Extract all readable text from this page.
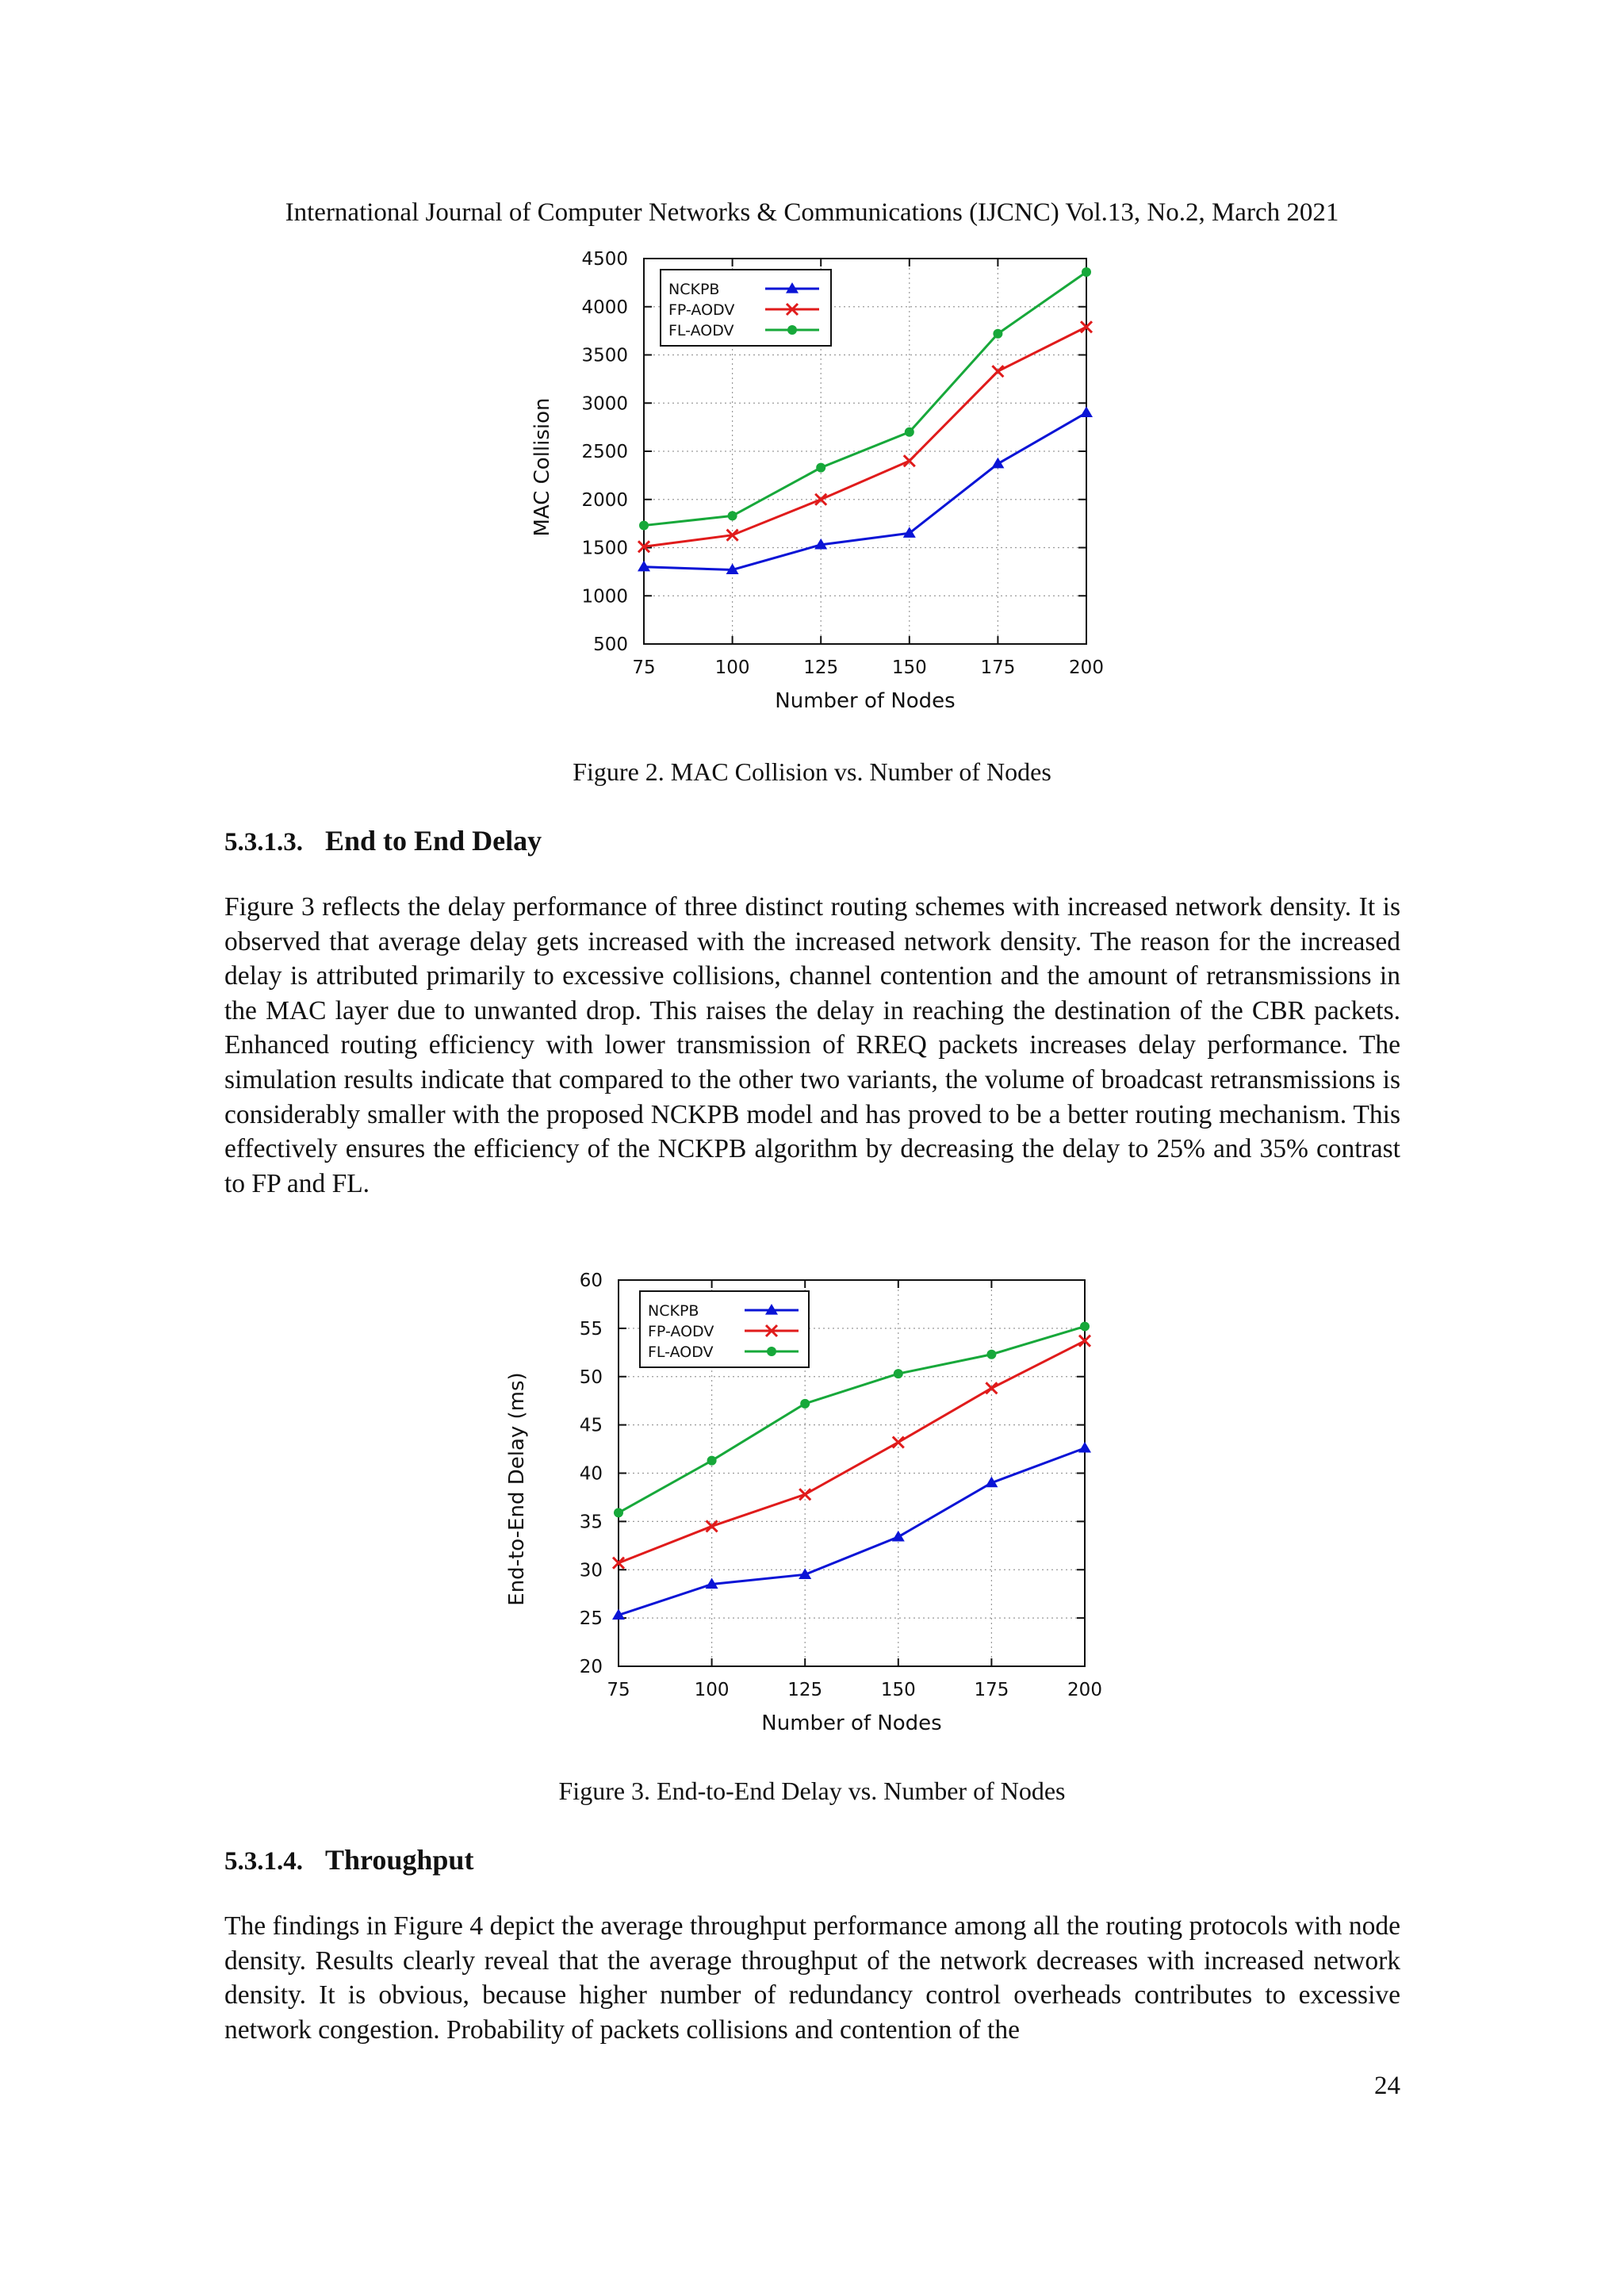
International Journal of Computer Networks & Communications (IJCNC) Vol.13, No.2, March 2021
500
1000
1500
2000
2500
3000
3500
4000
4500
75	100	125	150	175	200
Number of Nodes
MAC Collision
NCKPB
FP-AODV
FL-AODV
Figure 2. MAC Collision vs. Number of Nodes
5.3.1.3. End to End Delay
Figure 3 reflects the delay performance of three distinct routing schemes with increased network density. It is observed that average delay gets increased with the increased network density. The reason for the increased delay is attributed primarily to excessive collisions, channel contention and the amount of retransmissions in the MAC layer due to unwanted drop. This raises the delay in reaching the destination of the CBR packets. Enhanced routing efficiency with lower transmission of RREQ packets increases delay performance. The simulation results indicate that compared to the other two variants, the volume of broadcast retransmissions is considerably smaller with the proposed NCKPB model and has proved to be a better routing mechanism. This effectively ensures the efficiency of the NCKPB algorithm by decreasing the delay to 25% and 35% contrast to FP and FL.
20
25
30
35
40
45
50
55
60
75	100	125	150	175	200
Number of Nodes
End-to-End Delay (ms)
NCKPB
FP-AODV
FL-AODV
Figure 3. End-to-End Delay vs. Number of Nodes
5.3.1.4. Throughput
The findings in Figure 4 depict the average throughput performance among all the routing protocols with node density. Results clearly reveal that the average throughput of the network decreases with increased network density. It is obvious, because higher number of redundancy control overheads contributes to excessive network congestion. Probability of packets collisions and contention of the
24
